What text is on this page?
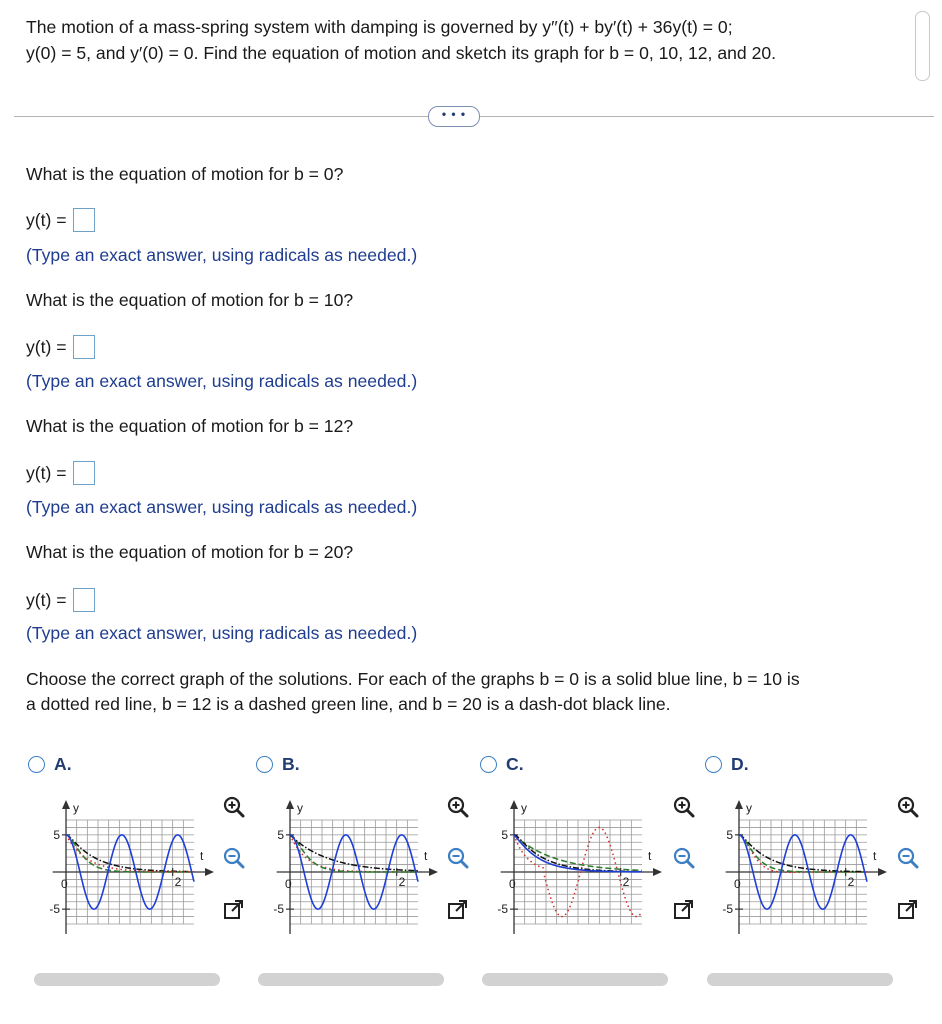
The motion of a mass-spring system with damping is governed by y′′(t) + by′(t) + 36y(t) = 0;
y(0) = 5, and y′(0) = 0. Find the equation of motion and sketch its graph for b = 0, 10, 12, and 20.
• • •
What is the equation of motion for b = 0?
y(t) =
(Type an exact answer, using radicals as needed.)
What is the equation of motion for b = 10?
y(t) =
(Type an exact answer, using radicals as needed.)
What is the equation of motion for b = 12?
y(t) =
(Type an exact answer, using radicals as needed.)
What is the equation of motion for b = 20?
y(t) =
(Type an exact answer, using radicals as needed.)
Choose the correct graph of the solutions. For each of the graphs b = 0 is a solid blue line, b = 10 is
a dotted red line, b = 12 is a dashed green line, and b = 20 is a dash-dot black line.
A.	B.	C.	D.
y
t
5
-5
0	2
y
t
5
-5
0	2
y
t
5
-5
0	2
y
t
5
-5
0	2
